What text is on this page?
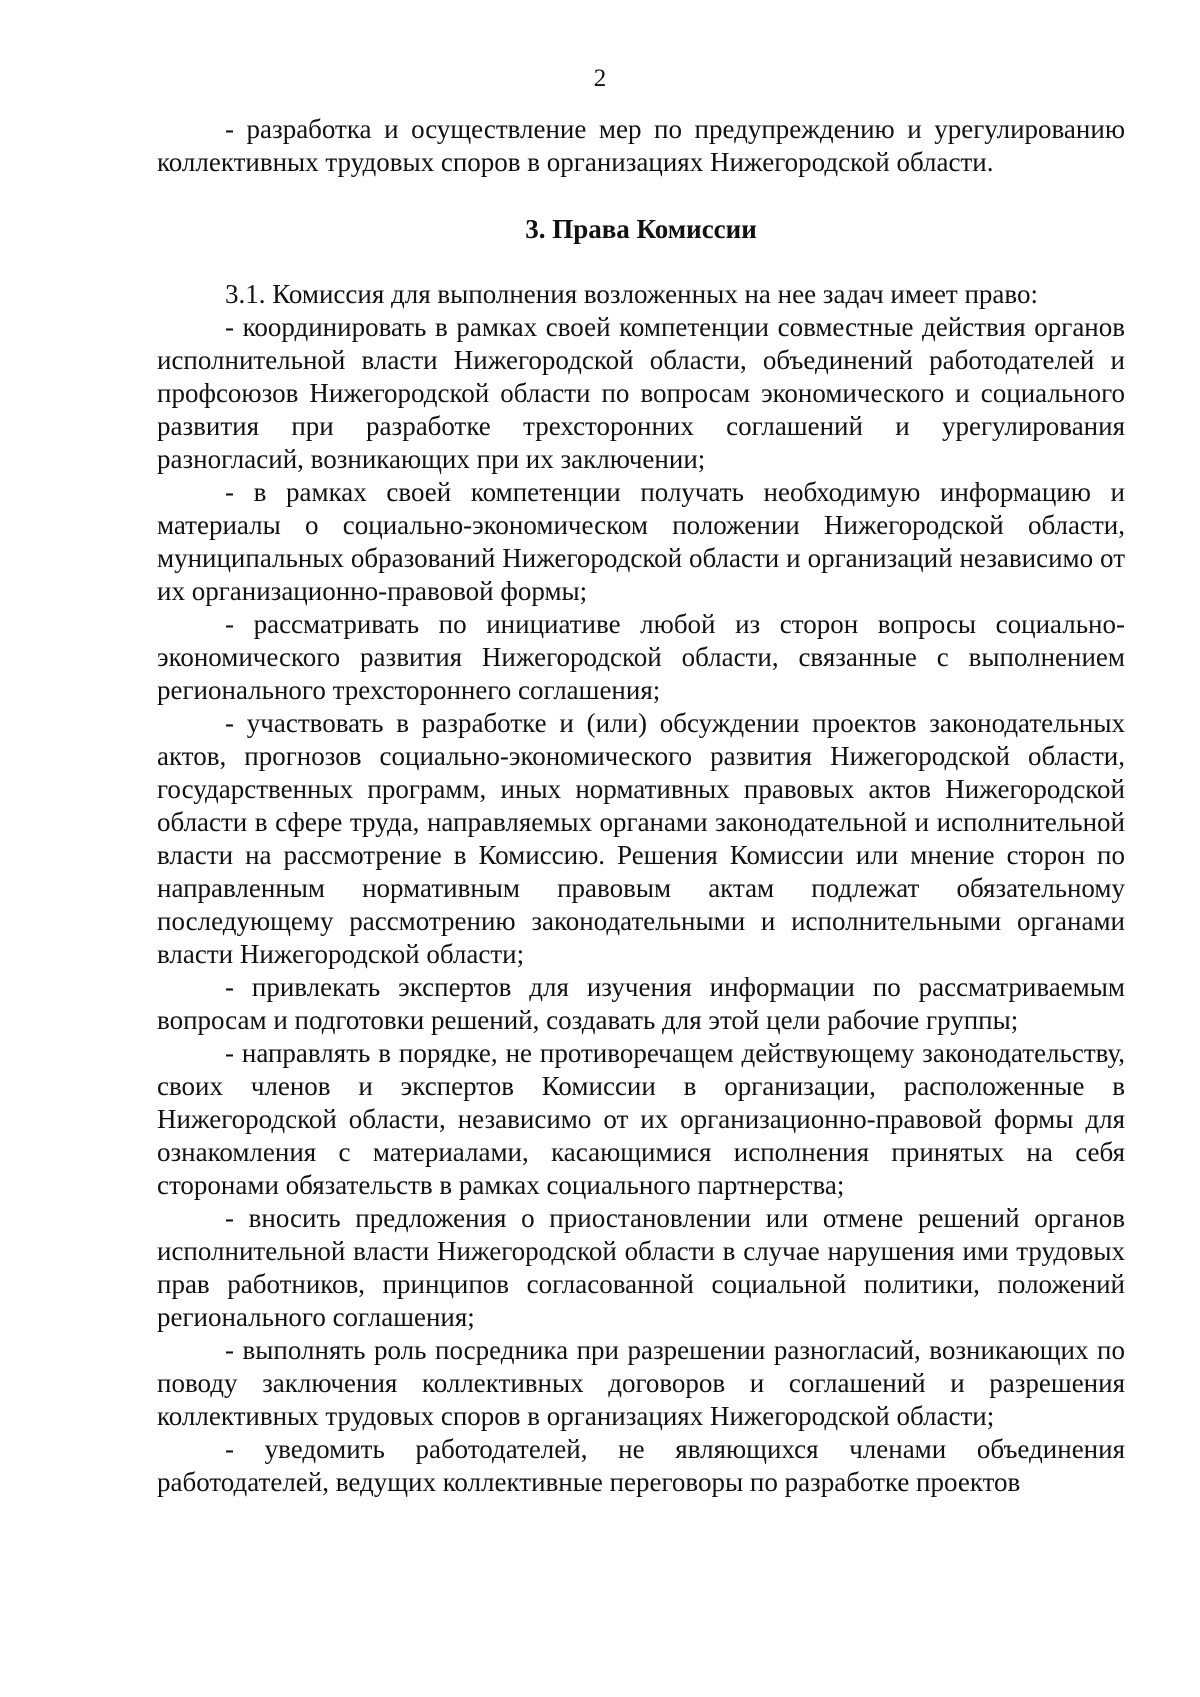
2

- разработка и осуществление мер по предупреждению и урегулированию коллективных трудовых споров в организациях Нижегородской области.

3. Права Комиссии

3.1. Комиссия для выполнения возложенных на нее задач имеет право:

- координировать в рамках своей компетенции совместные действия органов исполнительной власти Нижегородской области, объединений работодателей и профсоюзов Нижегородской области по вопросам экономического и социального развития при разработке трехсторонних соглашений и урегулирования разногласий, возникающих при их заключении;

- в рамках своей компетенции получать необходимую информацию и материалы о социально-экономическом положении Нижегородской области, муниципальных образований Нижегородской области и организаций независимо от их организационно-правовой формы;

- рассматривать по инициативе любой из сторон вопросы социально-экономического развития Нижегородской области, связанные с выполнением регионального трехстороннего соглашения;

- участвовать в разработке и (или) обсуждении проектов законодательных актов, прогнозов социально-экономического развития Нижегородской области, государственных программ, иных нормативных правовых актов Нижегородской области в сфере труда, направляемых органами законодательной и исполнительной власти на рассмотрение в Комиссию. Решения Комиссии или мнение сторон по направленным нормативным правовым актам подлежат обязательному последующему рассмотрению законодательными и исполнительными органами власти Нижегородской области;

- привлекать экспертов для изучения информации по рассматриваемым вопросам и подготовки решений, создавать для этой цели рабочие группы;

- направлять в порядке, не противоречащем действующему законодательству, своих членов и экспертов Комиссии в организации, расположенные в Нижегородской области, независимо от их организационно-правовой формы для ознакомления с материалами, касающимися исполнения принятых на себя сторонами обязательств в рамках социального партнерства;

- вносить предложения о приостановлении или отмене решений органов исполнительной власти Нижегородской области в случае нарушения ими трудовых прав работников, принципов согласованной социальной политики, положений регионального соглашения;

- выполнять роль посредника при разрешении разногласий, возникающих по поводу заключения коллективных договоров и соглашений и разрешения коллективных трудовых споров в организациях Нижегородской области;

- уведомить работодателей, не являющихся членами объединения работодателей, ведущих коллективные переговоры по разработке проектов
